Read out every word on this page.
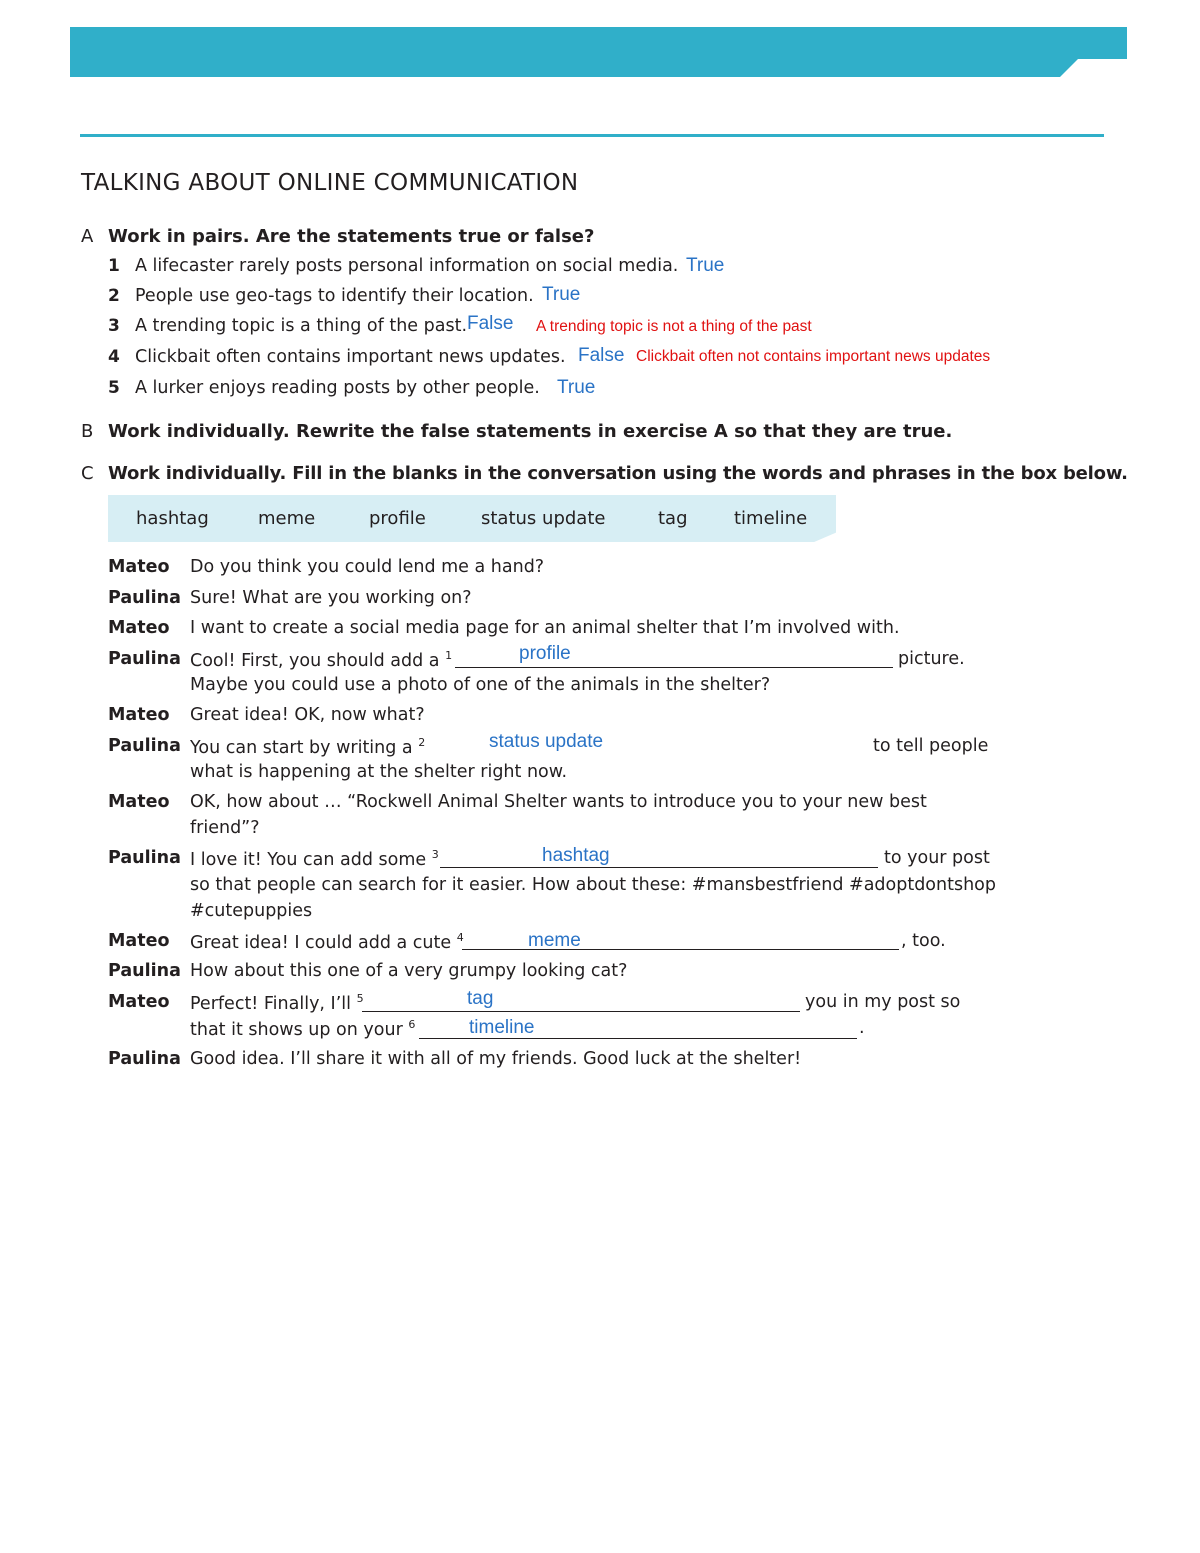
TALKING ABOUT ONLINE COMMUNICATION
A Work in pairs. Are the statements true or false?
1 A lifecaster rarely posts personal information on social media. True
2 People use geo-tags to identify their location. True
3 A trending topic is a thing of the past. False A trending topic is not a thing of the past
4 Clickbait often contains important news updates. False Clickbait often not contains important news updates
5 A lurker enjoys reading posts by other people. True
B Work individually. Rewrite the false statements in exercise A so that they are true.
C Work individually. Fill in the blanks in the conversation using the words and phrases in the box below.
hashtag	meme	profile	status update	tag	timeline
Mateo Do you think you could lend me a hand?
Paulina Sure! What are you working on?
Mateo I want to create a social media page for an animal shelter that I’m involved with.
Paulina Cool! First, you should add a $^1$	profile	picture.
Maybe you could use a photo of one of the animals in the shelter?
Mateo Great idea! OK, now what?
Paulina You can start by writing a $^2$	status update	to tell people
what is happening at the shelter right now.
Mateo OK, how about … “Rockwell Animal Shelter wants to introduce you to your new best
friend”?
Paulina I love it! You can add some $^3$	hashtag	to your post
so that people can search for it easier. How about these: #mansbestfriend #adoptdontshop
#cutepuppies
Mateo Great idea! I could add a cute $^4$	meme	, too.
Paulina How about this one of a very grumpy looking cat?
Mateo Perfect! Finally, I’ll $^5$	tag	you in my post so
that it shows up on your $^6$	timeline	.
Paulina Good idea. I’ll share it with all of my friends. Good luck at the shelter!
